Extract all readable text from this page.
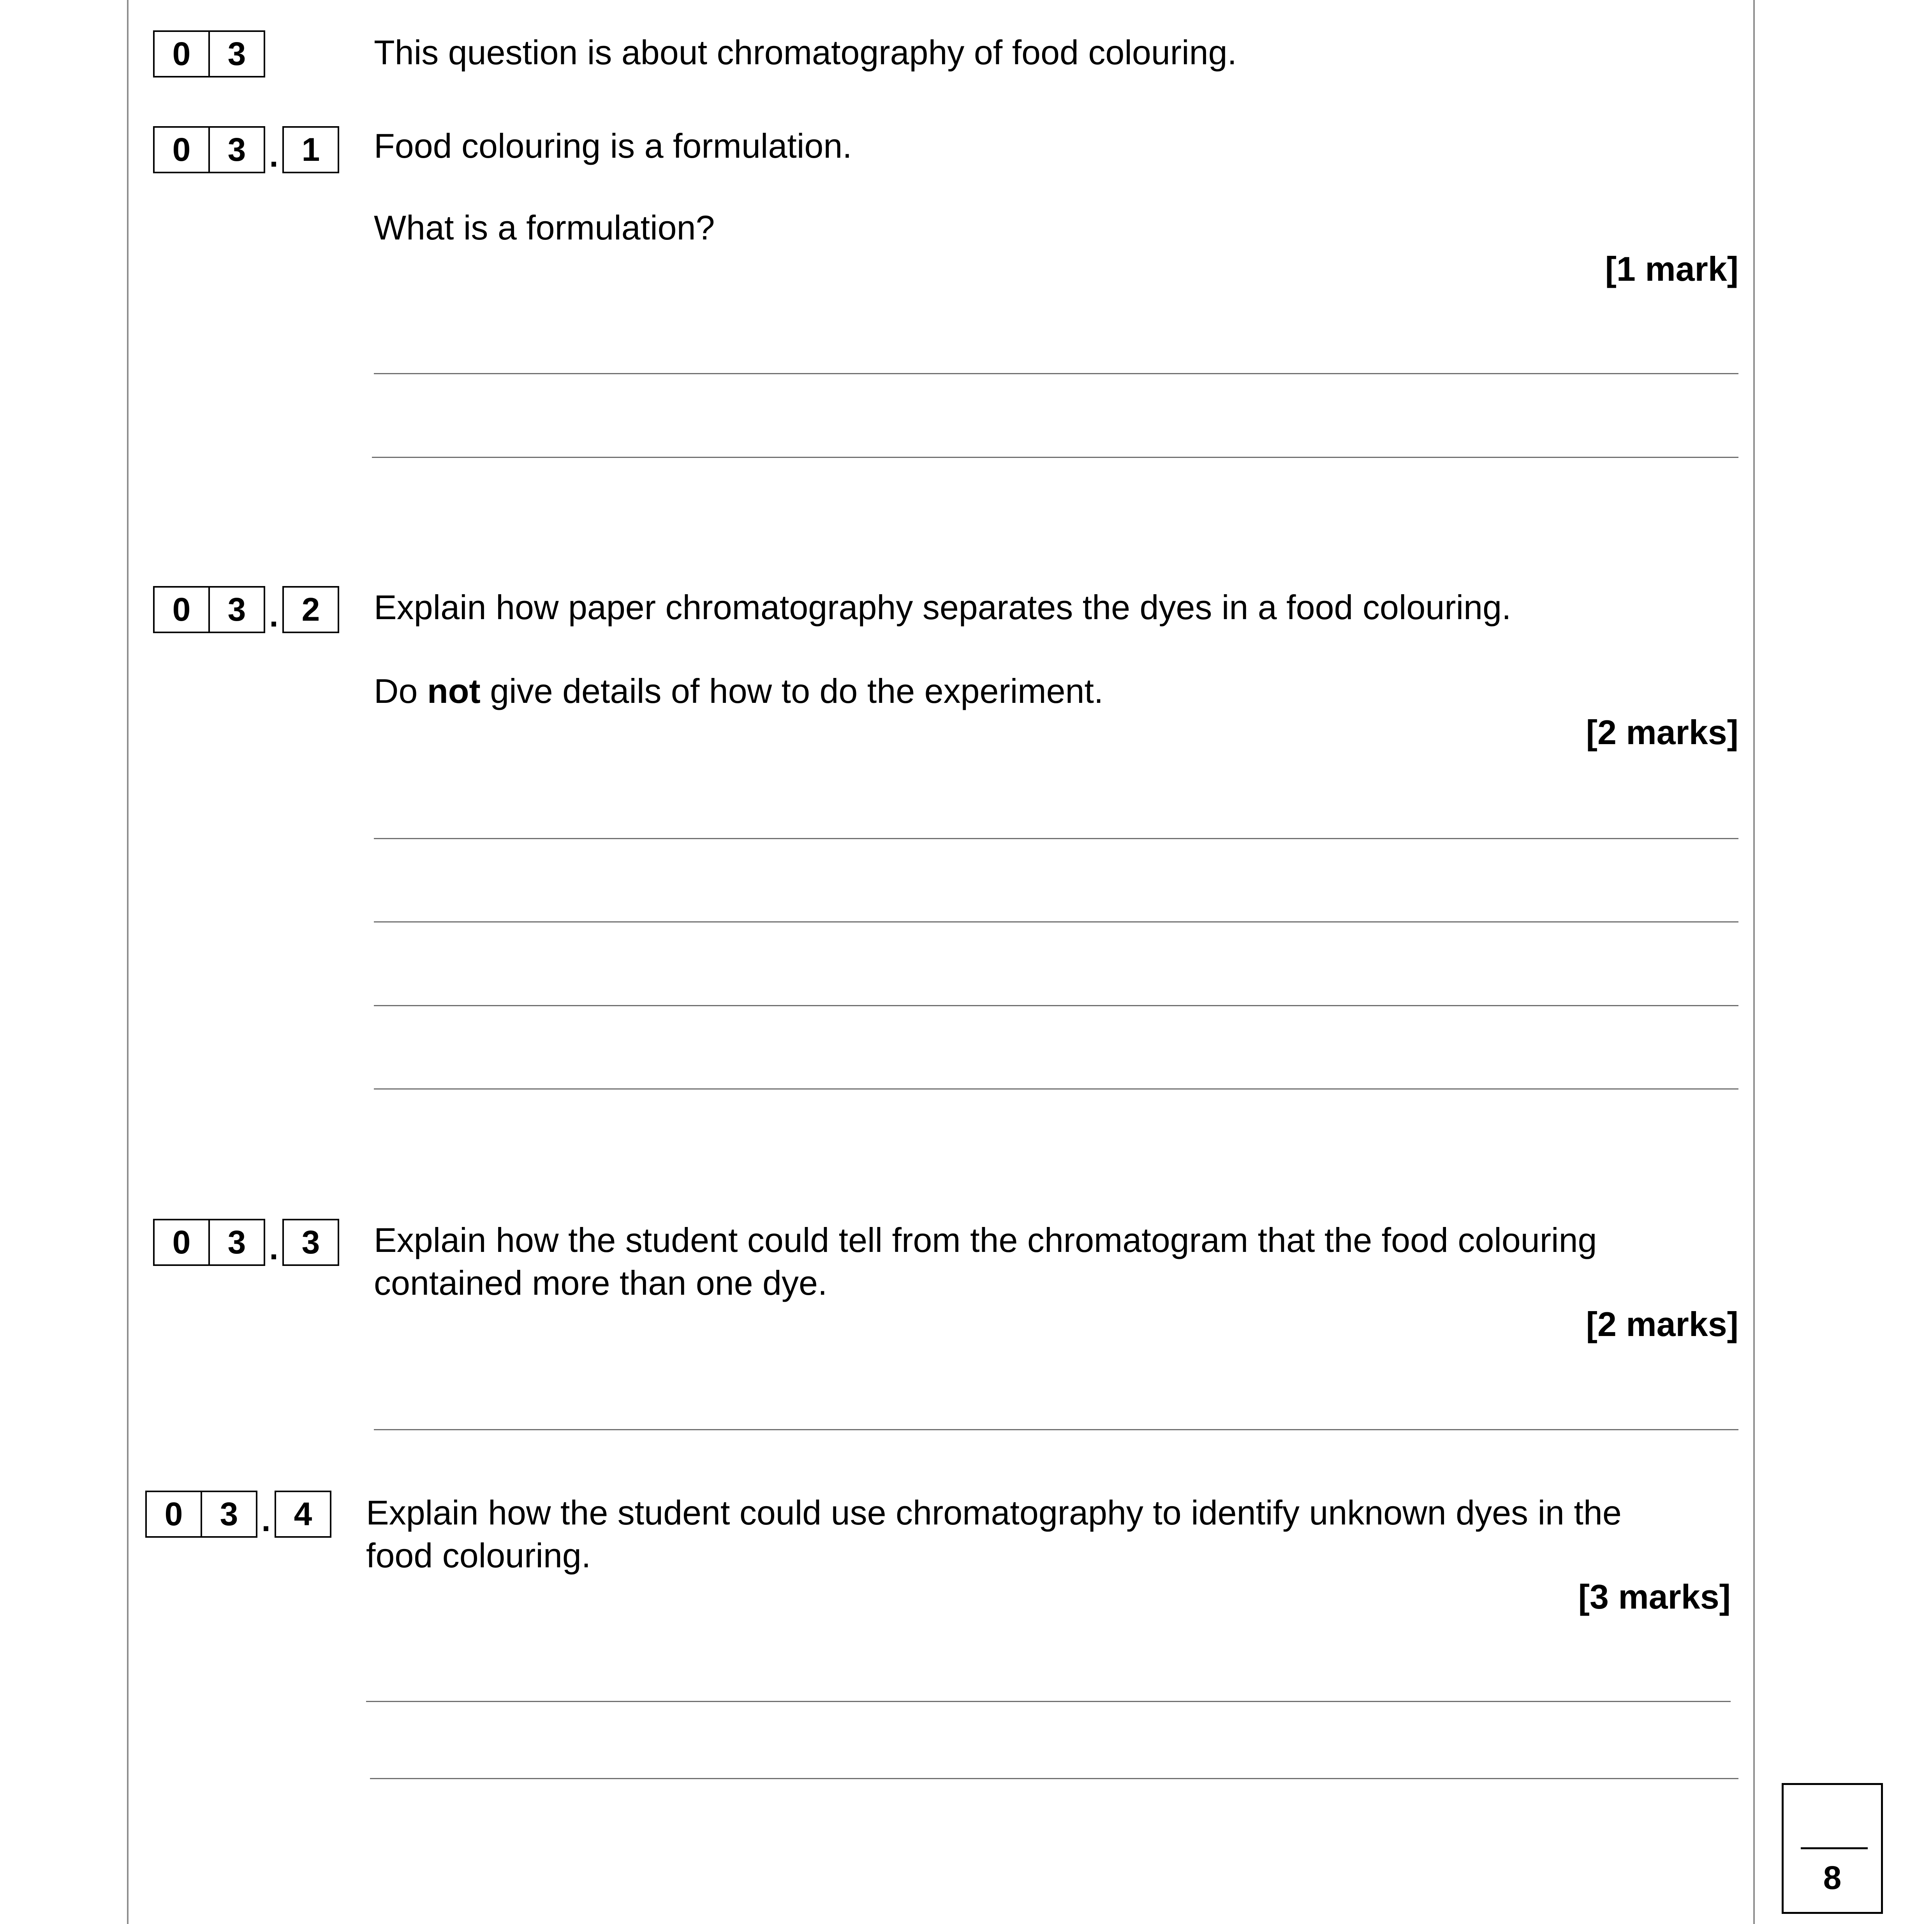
0	3	This question is about chromatography of food colouring.
0	3 . 1	Food colouring is a formulation.
What is a formulation?
[1 mark]
0	3 . 2	Explain how paper chromatography separates the dyes in a food colouring.
Do not give details of how to do the experiment.
[2 marks]
0	3 . 3	Explain how the student could tell from the chromatogram that the food colouring
contained more than one dye.
[2 marks]
0	3 . 4	Explain how the student could use chromatography to identify unknown dyes in the
food colouring.
[3 marks]
8
